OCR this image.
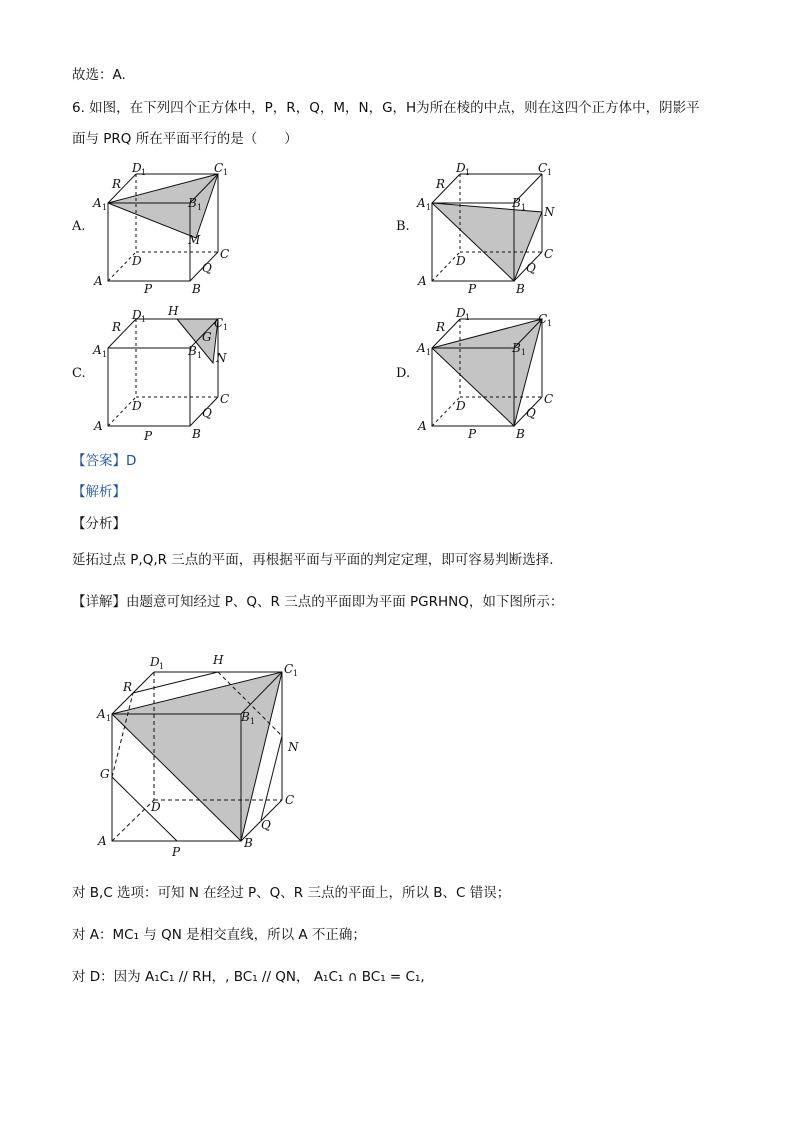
故选：A.
6. 如图，在下列四个正方体中，P，R，Q，M，N，G，H为所在棱的中点，则在这四个正方体中，阴影平
面与 PRQ 所在平面平行的是（　　）
A.	B.
C.	D.
A
B
C
D
A 1	B 1
C 1
D 1
R
M
Q
P
A
B
C
D
A 1	B 1
C 1
D 1
R
N
Q
P
A
B
C
D
A 1	B 1
C 1
D 1
R
H
G
N
Q
P
A
B
C
D
A 1	B 1
C 1
D 1
R
Q
P
【答案】D
【解析】
【分析】
延拓过点 P,Q,R 三点的平面，再根据平面与平面的判定定理，即可容易判断选择.
【详解】由题意可知经过 P、Q、R 三点的平面即为平面 PGRHNQ，如下图所示：
A	B
C
D
A 1	B 1
C 1
D 1
R
H
G
N
Q
P
对 B,C 选项：可知 N 在经过 P、Q、R 三点的平面上，所以 B、C 错误；
对 A：MC₁ 与 QN 是相交直线，所以 A 不正确；
对 D：因为 A₁C₁ // RH，, BC₁ // QN， A₁C₁ ∩ BC₁ = C₁,
